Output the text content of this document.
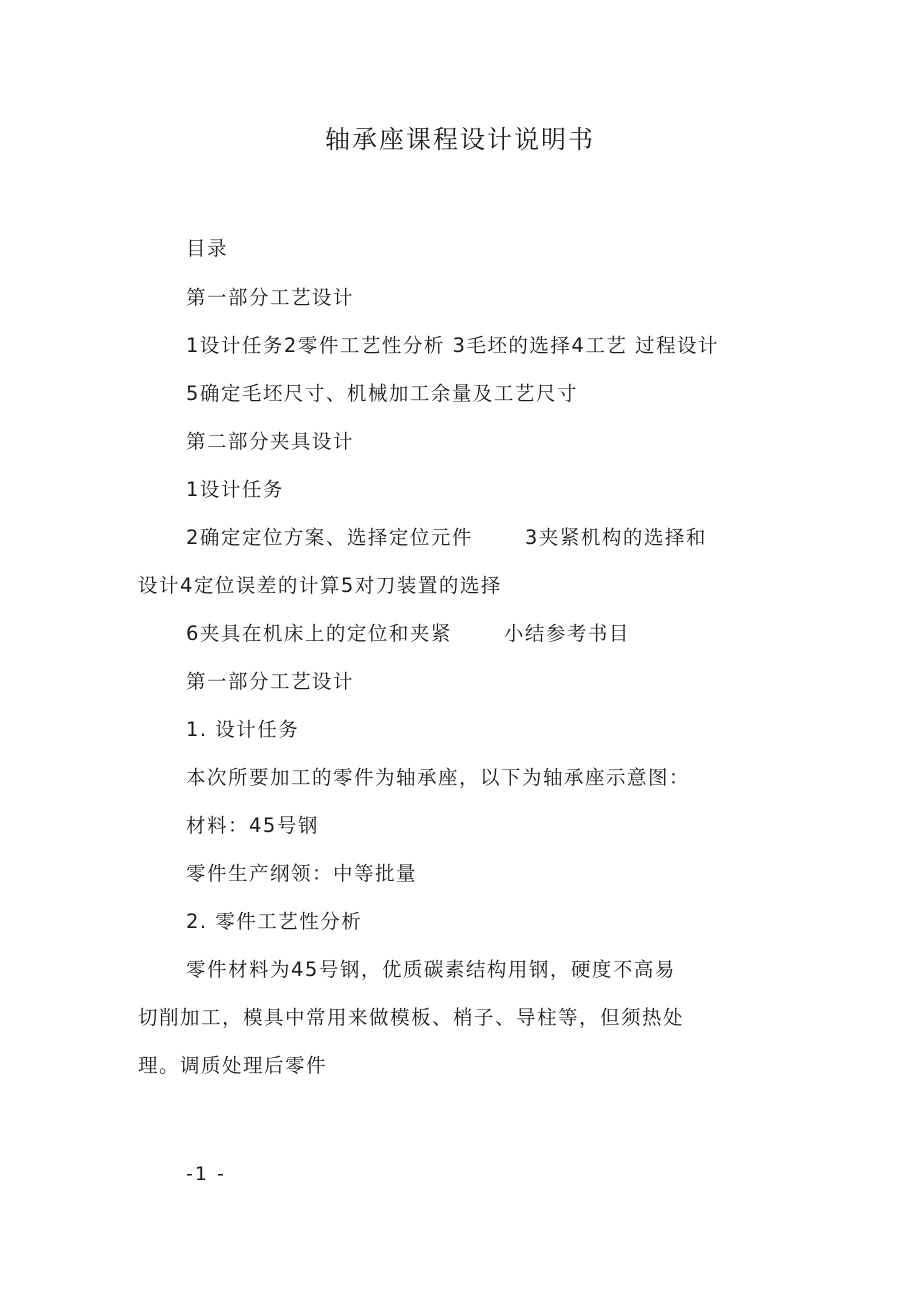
轴承座课程设计说明书
目录
第一部分工艺设计
1设计任务2零件工艺性分析 3毛坯的选择4工艺 过程设计
5确定毛坯尺寸、机械加工余量及工艺尺寸
第二部分夹具设计
1设计任务
2确定定位方案、选择定位元件	3夹紧机构的选择和
设计4定位误差的计算5对刀装置的选择
6夹具在机床上的定位和夹紧	小结参考书目
第一部分工艺设计
1. 设计任务
本次所要加工的零件为轴承座，以下为轴承座示意图：
材料：45号钢
零件生产纲领：中等批量
2. 零件工艺性分析
零件材料为45号钢，优质碳素结构用钢，硬度不高易
切削加工，模具中常用来做模板、梢子、导柱等，但须热处
理。调质处理后零件
-1 -
